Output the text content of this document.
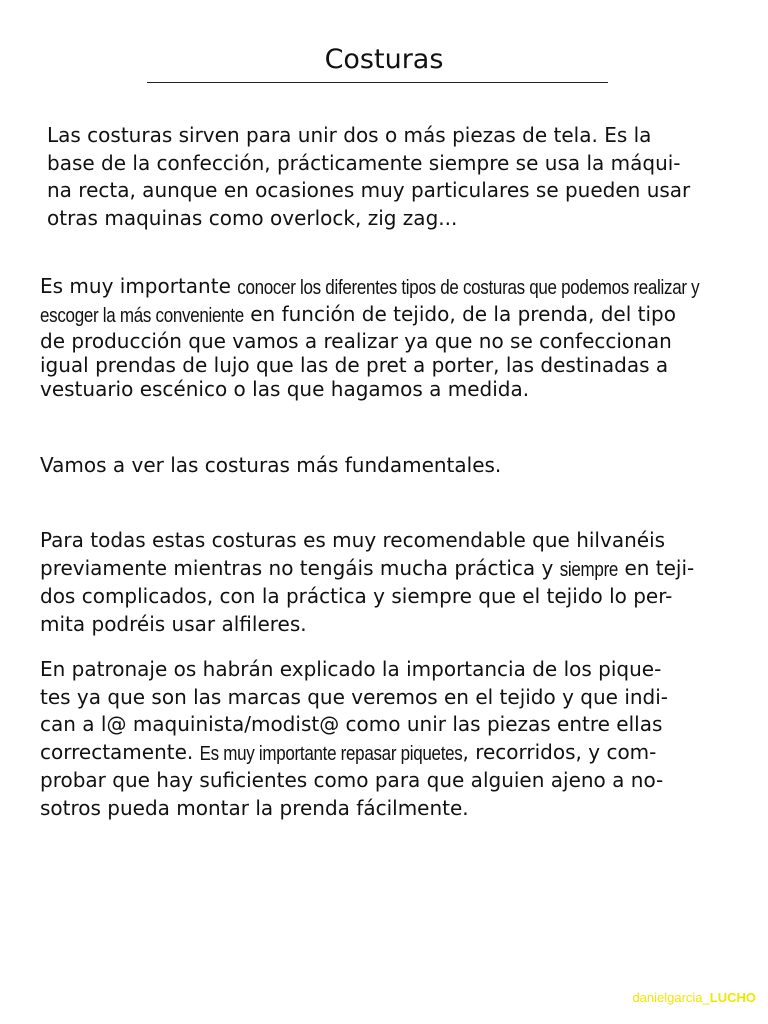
Costuras
Las costuras sirven para unir dos o más piezas de tela. Es la
base de la confección, prácticamente siempre se usa la máqui-
na recta, aunque en ocasiones muy particulares se pueden usar
otras maquinas como overlock, zig zag...
Es muy importante conocer los diferentes tipos de costuras que podemos realizar y
escoger la más conveniente en función de tejido, de la prenda, del tipo
de producción que vamos a realizar ya que no se confeccionan
igual prendas de lujo que las de pret a porter, las destinadas a
vestuario escénico o las que hagamos a medida.
Vamos a ver las costuras más fundamentales.
Para todas estas costuras es muy recomendable que hilvanéis
previamente mientras no tengáis mucha práctica y siempre en teji-
dos complicados, con la práctica y siempre que el tejido lo per-
mita podréis usar alfileres.
En patronaje os habrán explicado la importancia de los pique-
tes ya que son las marcas que veremos en el tejido y que indi-
can a l@ maquinista/modist@ como unir las piezas entre ellas
correctamente. Es muy importante repasar piquetes, recorridos, y com-
probar que hay suficientes como para que alguien ajeno a no-
sotros pueda montar la prenda fácilmente.
danielgarcia_LUCHO
